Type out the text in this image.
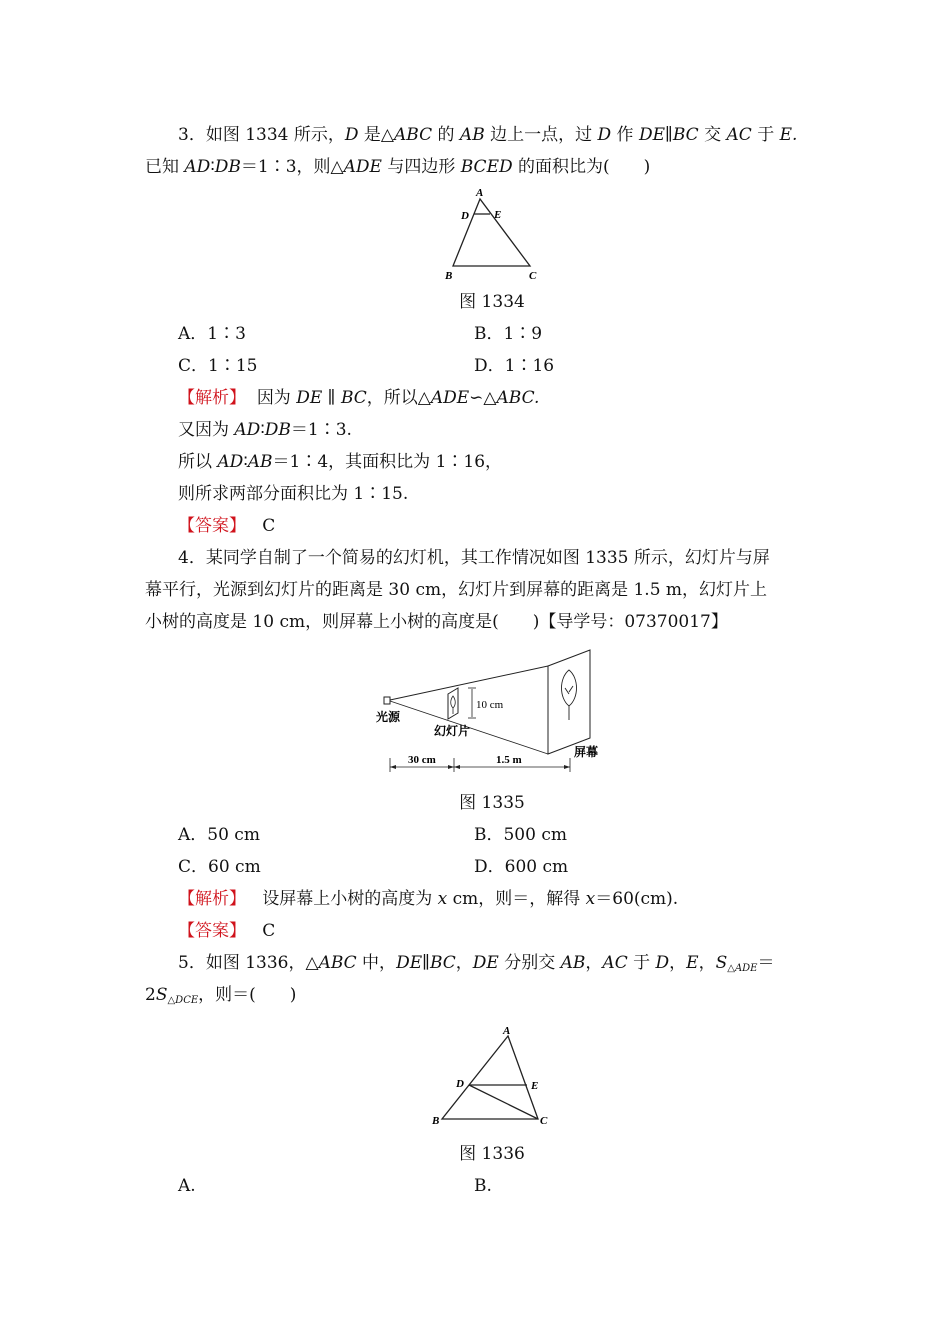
3．如图 1334 所示，D 是△ABC 的 AB 边上一点，过 D 作 DE∥BC 交 AC 于 E.
已知 AD∶DB＝1∶3，则△ADE 与四边形 BCED 的面积比为(　　)
A
D E
B	C
图 1334
A．1∶3	B．1∶9
C．1∶15	D．1∶16
【解析】 因为 DE ∥ BC，所以△ADE∽△ABC.
又因为 AD∶DB＝1∶3.
所以 AD∶AB＝1∶4，其面积比为 1∶16，
则所求两部分面积比为 1∶15.
【答案】 C
4．某同学自制了一个简易的幻灯机，其工作情况如图 1335 所示，幻灯片与屏
幕平行，光源到幻灯片的距离是 30 cm，幻灯片到屏幕的距离是 1.5 m，幻灯片上
小树的高度是 10 cm，则屏幕上小树的高度是(　　)【导学号：07370017】
10 cm
光源
幻灯片
屏幕
30 cm	1.5 m
图 1335
A．50 cm	B．500 cm
C．60 cm	D．600 cm
【解析】 设屏幕上小树的高度为 x cm，则＝，解得 x＝60(cm).
【答案】 C
5．如图 1336，△ABC 中，DE∥BC，DE 分别交 AB，AC 于 D，E，$S_{\triangle ADE}=$
$2S_{\triangle DCE}$，则＝(　　)
A
D	E
B	C
图 1336
A.	B.
